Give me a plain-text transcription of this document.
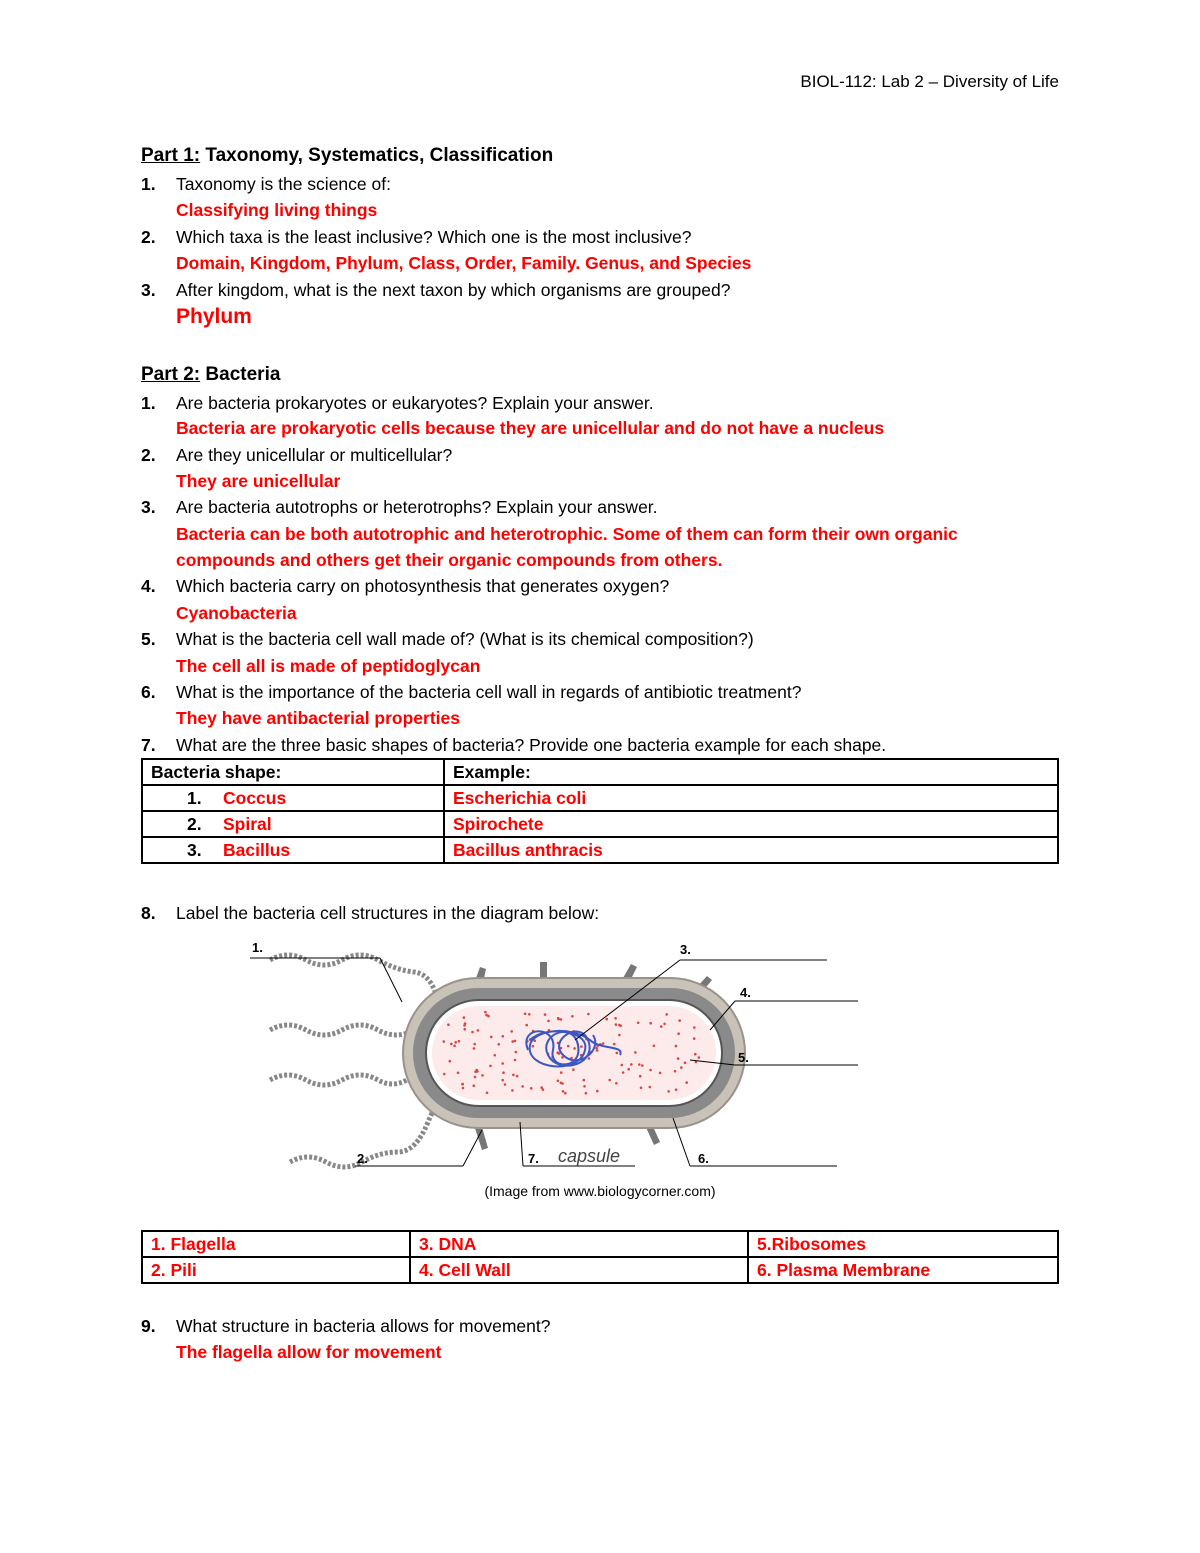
BIOL-112: Lab 2 – Diversity of Life
Part 1: Taxonomy, Systematics, Classification
1. Taxonomy is the science of:
Classifying living things
2. Which taxa is the least inclusive? Which one is the most inclusive?
Domain, Kingdom, Phylum, Class, Order, Family. Genus, and Species
3. After kingdom, what is the next taxon by which organisms are grouped?
Phylum
Part 2: Bacteria
1. Are bacteria prokaryotes or eukaryotes? Explain your answer.
Bacteria are prokaryotic cells because they are unicellular and do not have a nucleus
2. Are they unicellular or multicellular?
They are unicellular
3. Are bacteria autotrophs or heterotrophs? Explain your answer.
Bacteria can be both autotrophic and heterotrophic. Some of them can form their own organic
compounds and others get their organic compounds from others.
4. Which bacteria carry on photosynthesis that generates oxygen?
Cyanobacteria
5. What is the bacteria cell wall made of? (What is its chemical composition?)
The cell all is made of peptidoglycan
6. What is the importance of the bacteria cell wall in regards of antibiotic treatment?
They have antibacterial properties
7. What are the three basic shapes of bacteria? Provide one bacteria example for each shape.
Bacteria shape:	Example:
1. Coccus	Escherichia coli
2. Spiral	Spirochete
3. Bacillus	Bacillus anthracis
8. Label the bacteria cell structures in the diagram below:
1.
2.
3.
4.
5.
6.
7. capsule
(Image from www.biologycorner.com)
1. Flagella	3. DNA	5.Ribosomes
2. Pili	4. Cell Wall	6. Plasma Membrane
9. What structure in bacteria allows for movement?
The flagella allow for movement
